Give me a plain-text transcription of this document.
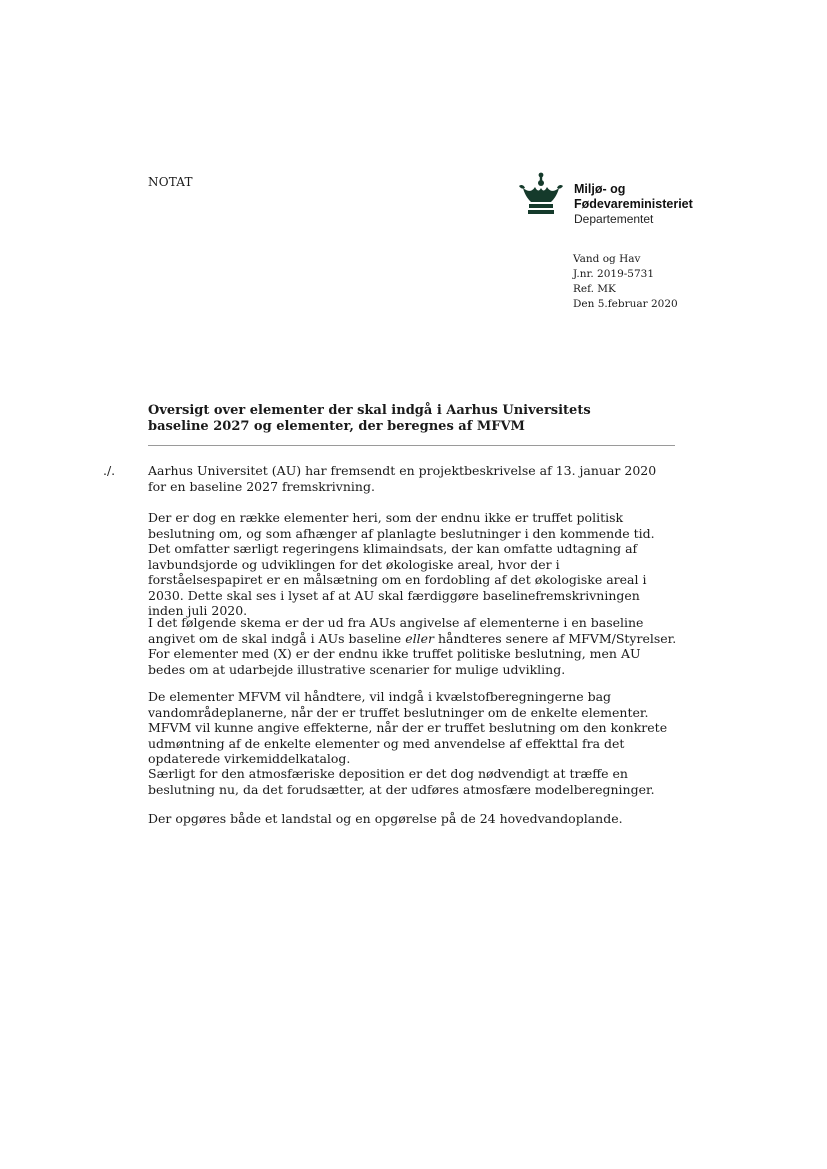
NOTAT	Miljø- og
Fødevareministeriet
Departementet
Vand og Hav
J.nr. 2019-5731
Ref. MK
Den 5.februar 2020
Oversigt over elementer der skal indgå i Aarhus Universitets
baseline 2027 og elementer, der beregnes af MFVM
./.	Aarhus Universitet (AU) har fremsendt en projektbeskrivelse af 13. januar 2020 for en baseline 2027 fremskrivning.

Der er dog en række elementer heri, som der endnu ikke er truffet politisk beslutning om, og som afhænger af planlagte beslutninger i den kommende tid. Det omfatter særligt regeringens klimaindsats, der kan omfatte udtagning af lavbundsjorde og udviklingen for det økologiske areal, hvor der i forståelsespapiret er en målsætning om en fordobling af det økologiske areal i 2030. Dette skal ses i lyset af at AU skal færdiggøre baselinefremskrivningen inden juli 2020.

I det følgende skema er der ud fra AUs angivelse af elementerne i en baseline angivet om de skal indgå i AUs baseline eller håndteres senere af MFVM/Styrelser. For elementer med (X) er der endnu ikke truffet politiske beslutning, men AU bedes om at udarbejde illustrative scenarier for mulige udvikling.

De elementer MFVM vil håndtere, vil indgå i kvælstofberegningerne bag vandområdeplanerne, når der er truffet beslutninger om de enkelte elementer. MFVM vil kunne angive effekterne, når der er truffet beslutning om den konkrete udmøntning af de enkelte elementer og med anvendelse af effekttal fra det opdaterede virkemiddelkatalog.

Særligt for den atmosfæriske deposition er det dog nødvendigt at træffe en beslutning nu, da det forudsætter, at der udføres atmosfære modelberegninger.

Der opgøres både et landstal og en opgørelse på de 24 hovedvandoplande.
